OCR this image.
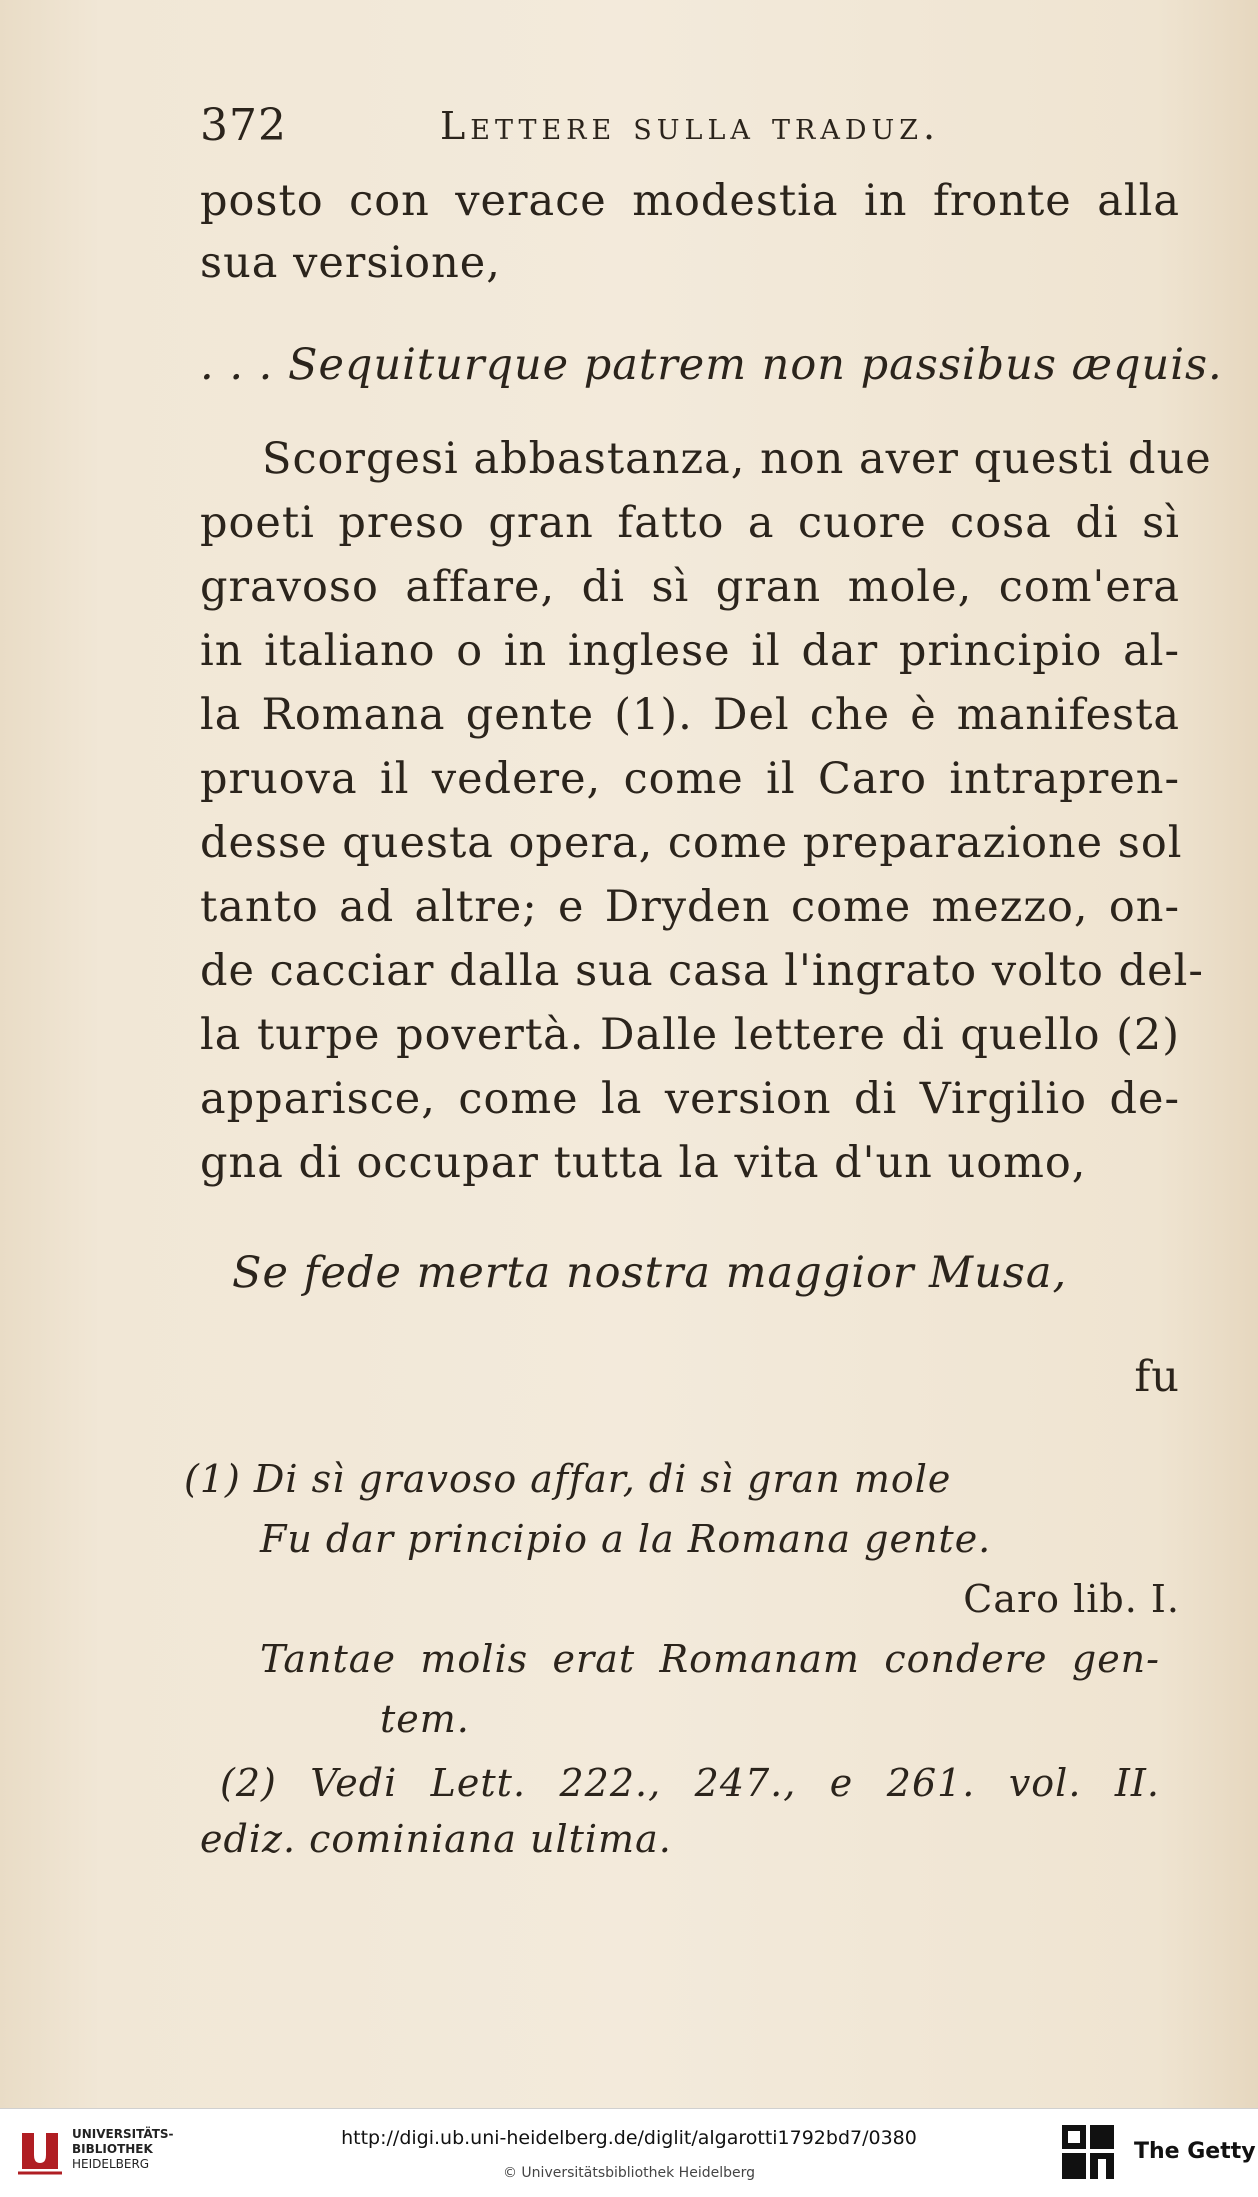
372	Lettere sulla traduz.
posto con verace modestia in fronte alla
sua versione,
. . . Sequiturque patrem non passibus æquis.
Scorgesi abbastanza, non aver questi due
poeti preso gran fatto a cuore cosa di sì
gravoso affare, di sì gran mole, com'era
in italiano o in inglese il dar principio al-
la Romana gente (1). Del che è manifesta
pruova il vedere, come il Caro intrapren-
desse questa opera, come preparazione sol
tanto ad altre; e Dryden come mezzo, on-
de cacciar dalla sua casa l'ingrato volto del-
la turpe povertà. Dalle lettere di quello (2)
apparisce, come la version di Virgilio de-
gna di occupar tutta la vita d'un uomo,
Se fede merta nostra maggior Musa,
fu
(1) Di sì gravoso affar, di sì gran mole
Fu dar principio a la Romana gente.
Caro lib. I.
Tantae molis erat Romanam condere gen-
tem.
(2) Vedi Lett. 222., 247., e 261. vol. II.
ediz. cominiana ultima.
UNIVERSITÄTS-
BIBLIOTHEK
HEIDELBERG
http://digi.ub.uni-heidelberg.de/diglit/algarotti1792bd7/0380
© Universitätsbibliothek Heidelberg
The Getty
